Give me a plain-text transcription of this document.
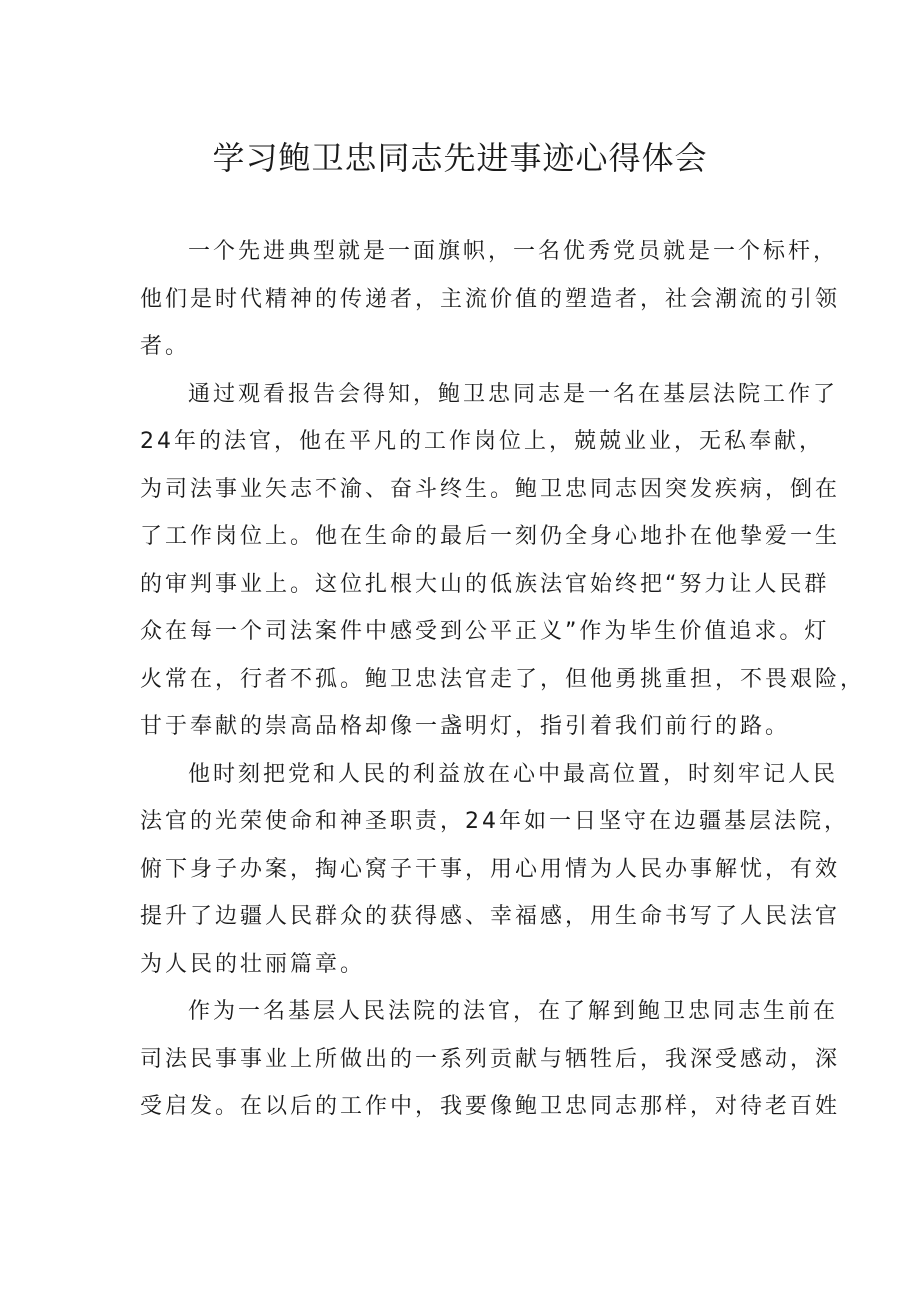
学习鲍卫忠同志先进事迹心得体会

一个先进典型就是一面旗帜，一名优秀党员就是一个标杆，
他们是时代精神的传递者，主流价值的塑造者，社会潮流的引领
者。

通过观看报告会得知，鲍卫忠同志是一名在基层法院工作了
24年的法官，他在平凡的工作岗位上，兢兢业业，无私奉献，
为司法事业矢志不渝、奋斗终生。鲍卫忠同志因突发疾病，倒在
了工作岗位上。他在生命的最后一刻仍全身心地扑在他挚爱一生
的审判事业上。这位扎根大山的低族法官始终把“努力让人民群
众在每一个司法案件中感受到公平正义”作为毕生价值追求。灯
火常在，行者不孤。鲍卫忠法官走了，但他勇挑重担，不畏艰险，
甘于奉献的崇高品格却像一盏明灯，指引着我们前行的路。

他时刻把党和人民的利益放在心中最高位置，时刻牢记人民
法官的光荣使命和神圣职责，24年如一日坚守在边疆基层法院，
俯下身子办案，掏心窝子干事，用心用情为人民办事解忧，有效
提升了边疆人民群众的获得感、幸福感，用生命书写了人民法官
为人民的壮丽篇章。

作为一名基层人民法院的法官，在了解到鲍卫忠同志生前在
司法民事事业上所做出的一系列贡献与牺牲后，我深受感动，深
受启发。在以后的工作中，我要像鲍卫忠同志那样，对待老百姓
